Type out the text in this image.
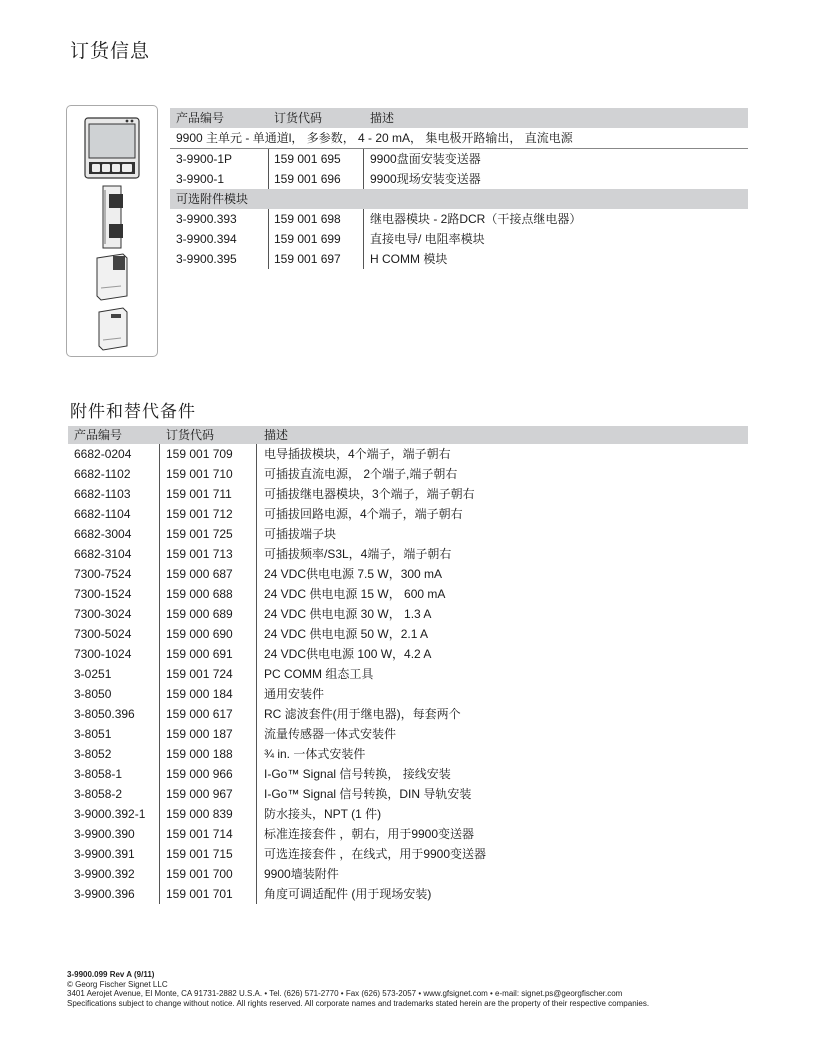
订货信息
产品编号	订货代码	描述
9900 主单元 - 单通道l， 多参数， 4 - 20 mA， 集电极开路输出， 直流电源
3-9900-1P	159 001 695 9900盘面安装变送器
3-9900-1	159 001 696 9900现场安装变送器
可选附件模块
3-9900.393	159 001 698 继电器模块 - 2路DCR（干接点继电器）
3-9900.394	159 001 699 直接电导/ 电阻率模块
3-9900.395	159 001 697 H COMM 模块
附件和替代备件
产品编号	订货代码	描述
6682-0204	159 001 709	电导插拔模块，4个端子，端子朝右
6682-1102	159 001 710	可插拔直流电源， 2个端子,端子朝右
6682-1103	159 001 711	可插拔继电器模块，3个端子，端子朝右
6682-1104	159 001 712	可插拔回路电源，4个端子，端子朝右
6682-3004	159 001 725	可插拔端子块
6682-3104	159 001 713	可插拔频率/S3L，4端子，端子朝右
7300-7524	159 000 687	24 VDC供电电源 7.5 W，300 mA
7300-1524	159 000 688	24 VDC 供电电源 15 W， 600 mA
7300-3024	159 000 689	24 VDC 供电电源 30 W， 1.3 A
7300-5024	159 000 690	24 VDC 供电电源 50 W，2.1 A
7300-1024	159 000 691	24 VDC供电电源 100 W，4.2 A
3-0251	159 001 724	PC COMM 组态工具
3-8050	159 000 184	通用安装件
3-8050.396	159 000 617	RC 滤波套件(用于继电器)，每套两个
3-8051	159 000 187	流量传感器一体式安装件
3-8052	159 000 188	¾ in. 一体式安装件
3-8058-1	159 000 966	I-Go™ Signal 信号转换， 接线安装
3-8058-2	159 000 967	I-Go™ Signal 信号转换，DIN 导轨安装
3-9000.392-1 159 000 839	防水接头，NPT (1 件)
3-9900.390	159 001 714	标准连接套件 ，朝右，用于9900变送器
3-9900.391	159 001 715	可选连接套件 ，在线式，用于9900变送器
3-9900.392	159 001 700	9900墙装附件
3-9900.396	159 001 701	角度可调适配件 (用于现场安装)
3-9900.099 Rev A (9/11)
© Georg Fischer Signet LLC
3401 Aerojet Avenue, El Monte, CA 91731-2882 U.S.A. • Tel. (626) 571-2770 • Fax (626) 573-2057 • www.gfsignet.com • e-mail: signet.ps@georgfischer.com
Specifications subject to change without notice. All rights reserved. All corporate names and trademarks stated herein are the property of their respective companies.
